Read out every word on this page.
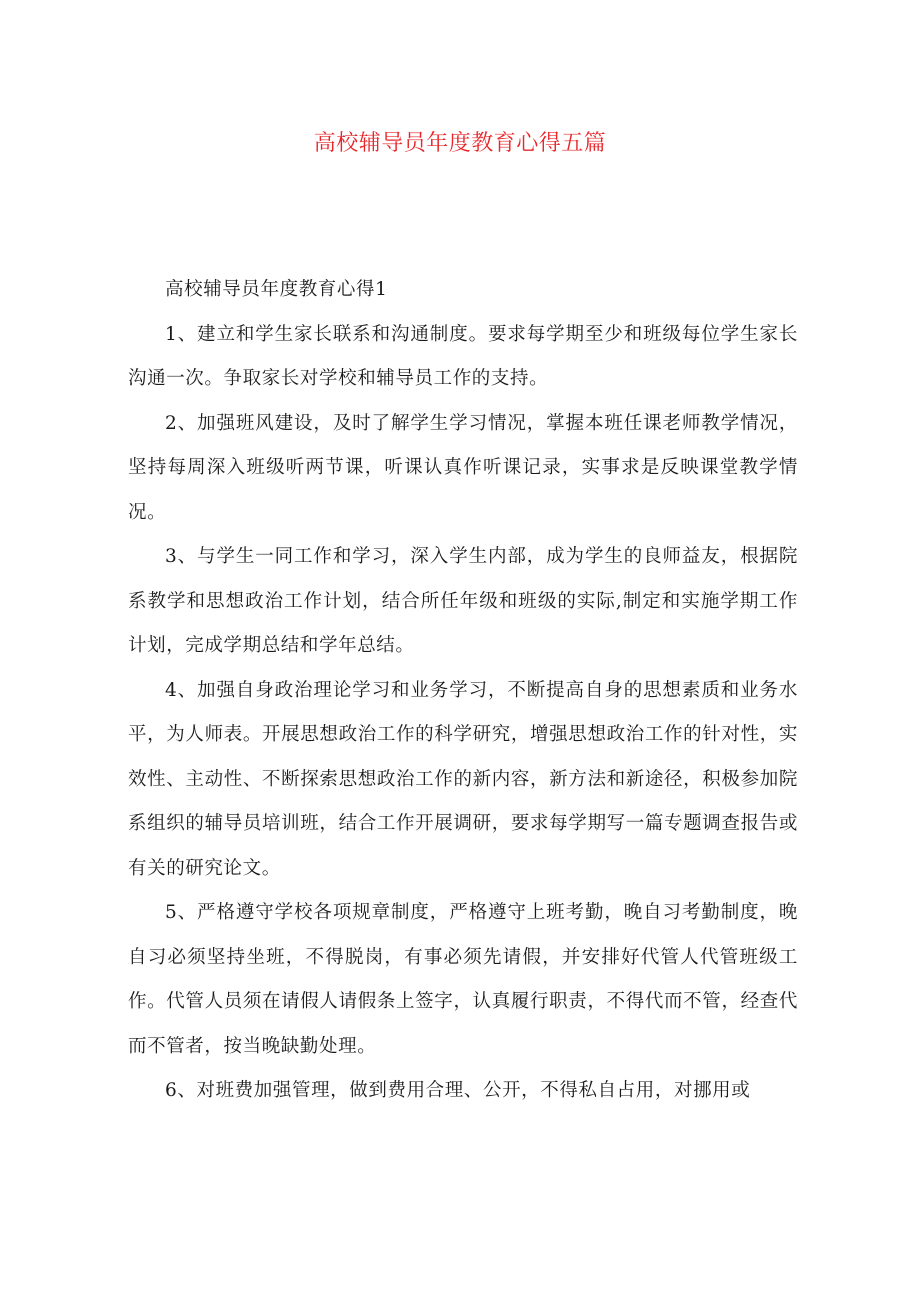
高校辅导员年度教育心得五篇
高校辅导员年度教育心得1

1、建立和学生家长联系和沟通制度。要求每学期至少和班级每位学生家长沟通一次。争取家长对学校和辅导员工作的支持。

2、加强班风建设，及时了解学生学习情况，掌握本班任课老师教学情况，坚持每周深入班级听两节课，听课认真作听课记录，实事求是反映课堂教学情况。

3、与学生一同工作和学习，深入学生内部，成为学生的良师益友，根据院系教学和思想政治工作计划，结合所任年级和班级的实际,制定和实施学期工作计划，完成学期总结和学年总结。

4、加强自身政治理论学习和业务学习，不断提高自身的思想素质和业务水平，为人师表。开展思想政治工作的科学研究，增强思想政治工作的针对性，实效性、主动性、不断探索思想政治工作的新内容，新方法和新途径，积极参加院系组织的辅导员培训班，结合工作开展调研，要求每学期写一篇专题调查报告或有关的研究论文。

5、严格遵守学校各项规章制度，严格遵守上班考勤，晚自习考勤制度，晚自习必须坚持坐班，不得脱岗，有事必须先请假，并安排好代管人代管班级工作。代管人员须在请假人请假条上签字，认真履行职责，不得代而不管，经查代而不管者，按当晚缺勤处理。

6、对班费加强管理，做到费用合理、公开，不得私自占用，对挪用或
